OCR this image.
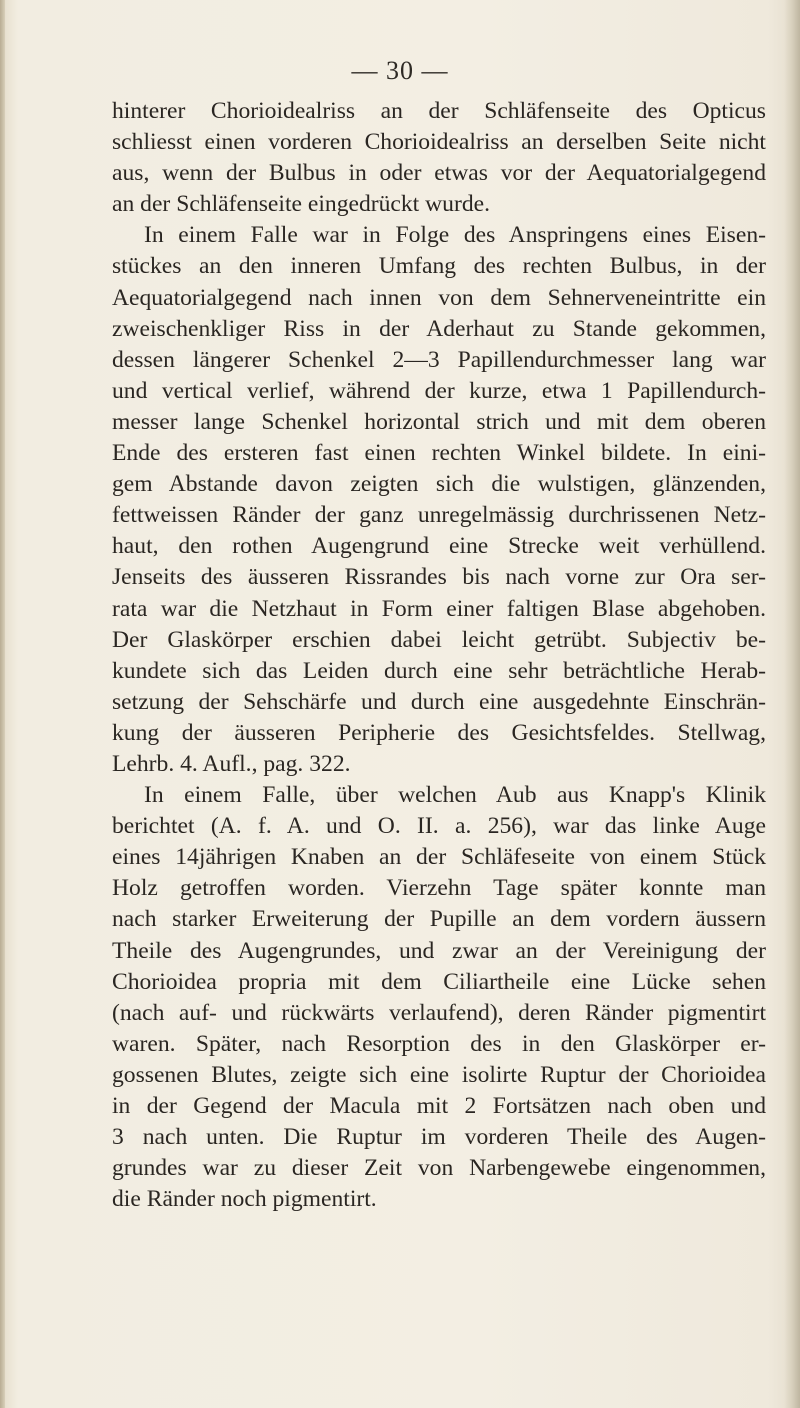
— 30 —
hinterer Chorioidealriss an der Schläfenseite des Opticus
schliesst einen vorderen Chorioidealriss an derselben Seite nicht
aus, wenn der Bulbus in oder etwas vor der Aequatorialgegend
an der Schläfenseite eingedrückt wurde.
In einem Falle war in Folge des Anspringens eines Eisen-
stückes an den inneren Umfang des rechten Bulbus, in der
Aequatorialgegend nach innen von dem Sehnerveneintritte ein
zweischenkliger Riss in der Aderhaut zu Stande gekommen,
dessen längerer Schenkel 2—3 Papillendurchmesser lang war
und vertical verlief, während der kurze, etwa 1 Papillendurch-
messer lange Schenkel horizontal strich und mit dem oberen
Ende des ersteren fast einen rechten Winkel bildete. In eini-
gem Abstande davon zeigten sich die wulstigen, glänzenden,
fettweissen Ränder der ganz unregelmässig durchrissenen Netz-
haut, den rothen Augengrund eine Strecke weit verhüllend.
Jenseits des äusseren Rissrandes bis nach vorne zur Ora ser-
rata war die Netzhaut in Form einer faltigen Blase abgehoben.
Der Glaskörper erschien dabei leicht getrübt. Subjectiv be-
kundete sich das Leiden durch eine sehr beträchtliche Herab-
setzung der Sehschärfe und durch eine ausgedehnte Einschrän-
kung der äusseren Peripherie des Gesichtsfeldes. Stellwag,
Lehrb. 4. Aufl., pag. 322.
In einem Falle, über welchen Aub aus Knapp's Klinik
berichtet (A. f. A. und O. II. a. 256), war das linke Auge
eines 14jährigen Knaben an der Schläfeseite von einem Stück
Holz getroffen worden. Vierzehn Tage später konnte man
nach starker Erweiterung der Pupille an dem vordern äussern
Theile des Augengrundes, und zwar an der Vereinigung der
Chorioidea propria mit dem Ciliartheile eine Lücke sehen
(nach auf- und rückwärts verlaufend), deren Ränder pigmentirt
waren. Später, nach Resorption des in den Glaskörper er-
gossenen Blutes, zeigte sich eine isolirte Ruptur der Chorioidea
in der Gegend der Macula mit 2 Fortsätzen nach oben und
3 nach unten. Die Ruptur im vorderen Theile des Augen-
grundes war zu dieser Zeit von Narbengewebe eingenommen,
die Ränder noch pigmentirt.
